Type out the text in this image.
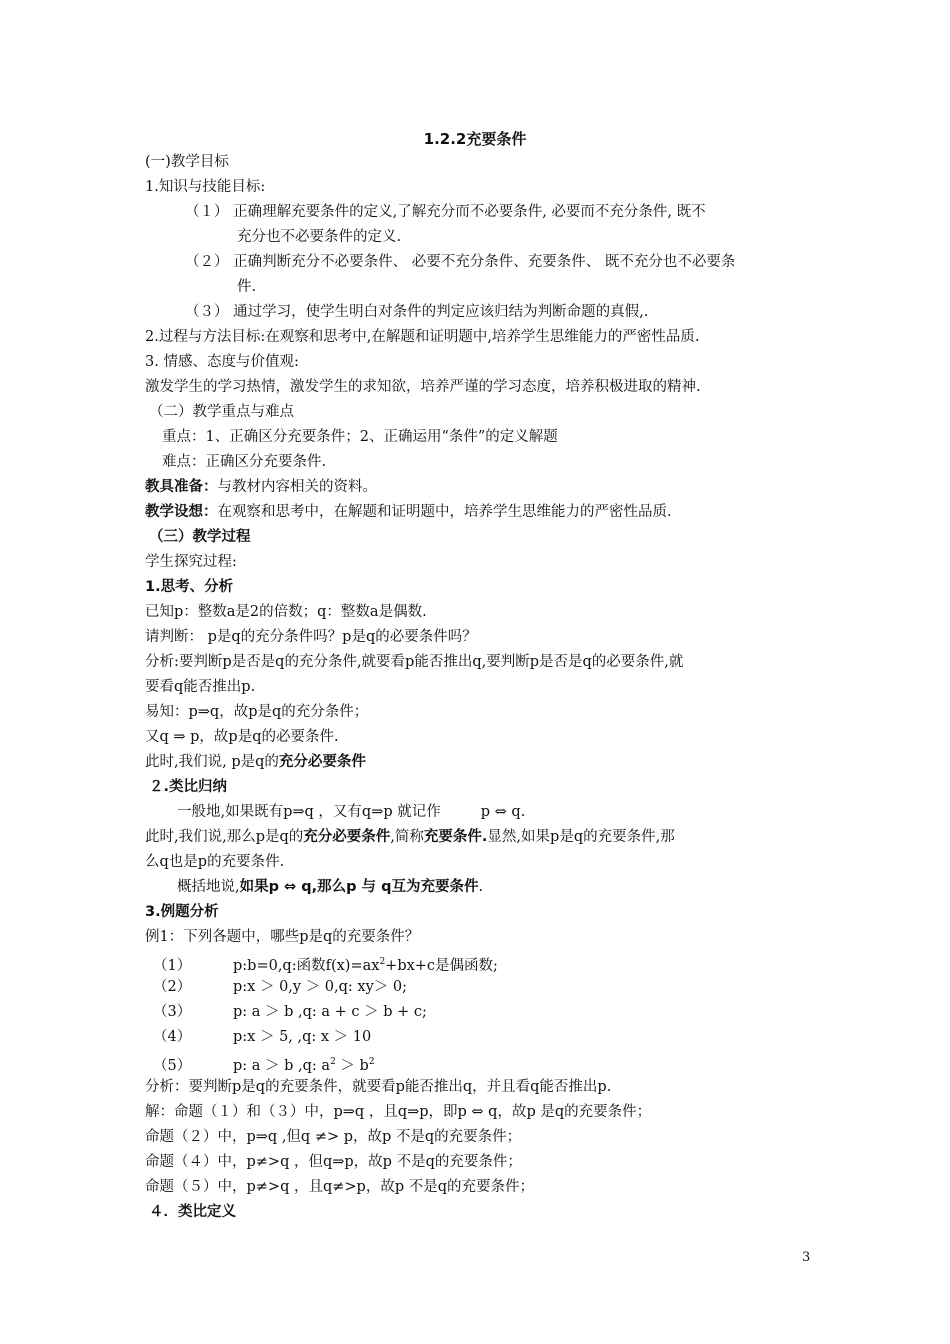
1.2.2充要条件
(一)教学目标
1.知识与技能目标:
（１） 正确理解充要条件的定义,了解充分而不必要条件, 必要而不充分条件, 既不
充分也不必要条件的定义.
（２） 正确判断充分不必要条件、 必要不充分条件、充要条件、 既不充分也不必要条
件.
（３） 通过学习，使学生明白对条件的判定应该归结为判断命题的真假,.
2.过程与方法目标:在观察和思考中,在解题和证明题中,培养学生思维能力的严密性品质.
3. 情感、态度与价值观:
激发学生的学习热情，激发学生的求知欲，培养严谨的学习态度，培养积极进取的精神.
（二）教学重点与难点
重点：1、正确区分充要条件；2、正确运用“条件”的定义解题
难点：正确区分充要条件.
教具准备：与教材内容相关的资料。
教学设想：在观察和思考中，在解题和证明题中，培养学生思维能力的严密性品质.
（三）教学过程
学生探究过程:
1.思考、分析
已知p：整数a是2的倍数；q：整数a是偶数.
请判断： p是q的充分条件吗？p是q的必要条件吗？
分析:要判断p是否是q的充分条件,就要看p能否推出q,要判断p是否是q的必要条件,就
要看q能否推出p.
易知：p⇒q，故p是q的充分条件；
又q ⇒ p，故p是q的必要条件.
此时,我们说, p是q的充分必要条件
２.类比归纳
一般地,如果既有p⇒q ，又有q⇒p 就记作	p ⇔ q.
此时,我们说,那么p是q的充分必要条件,简称充要条件.显然,如果p是q的充要条件,那
么q也是p的充要条件.
概括地说,如果p ⇔ q,那么p 与 q互为充要条件.
3.例题分析
例1：下列各题中，哪些p是q的充要条件？
（1）	p:b=0,q:函数$f(x)=ax^2+bx+c$是偶函数;
（2）	p:x ＞ 0,y ＞ 0,q: xy＞ 0;
（3）	p: a ＞ b ,q: a + c ＞ b + c;
（4）	p:x ＞ 5, ,q: x ＞ 10
（5）	p: a ＞ b ,q: $a^2 > b^2$
分析：要判断p是q的充要条件，就要看p能否推出q，并且看q能否推出p.
解：命题（１）和（３）中，p⇒q ，且q⇒p，即p ⇔ q，故p 是q的充要条件；
命题（２）中，p⇒q ,但q ≠> p，故p 不是q的充要条件；
命题（４）中，p≠>q ，但q⇒p，故p 不是q的充要条件；
命题（５）中，p≠>q ，且q≠>p，故p 不是q的充要条件；
４．类比定义
3
